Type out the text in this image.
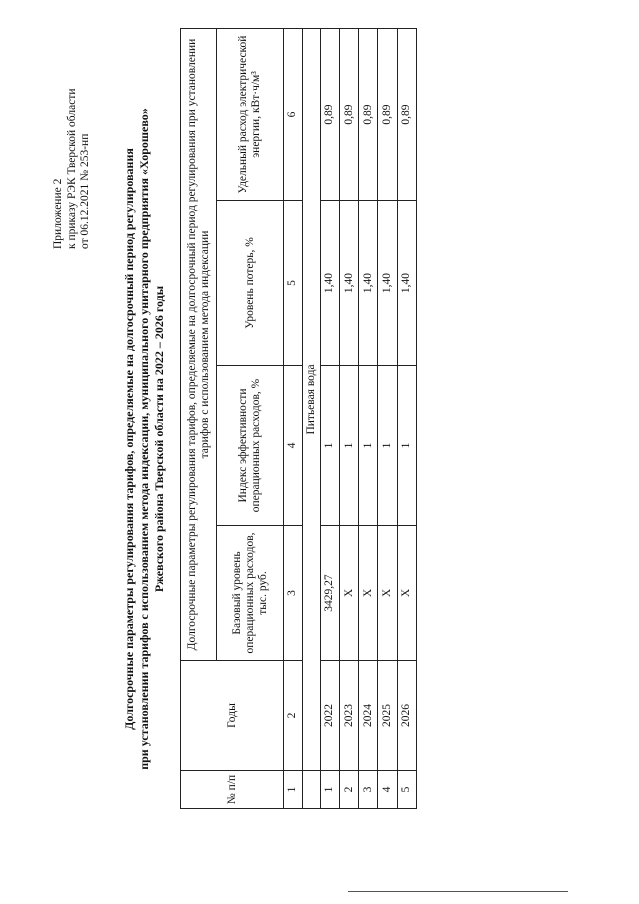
Приложение 2 к приказу РЭК Тверской области от 06.12.2021 № 253-нп	Долгосрочные параметры регулирования тарифов, определяемые на долгосрочный период регулирования при установлении тарифов с использованием метода индексации, муниципального унитарного предприятия «Хорошево» Ржевского района Тверской области на 2022 – 2026 годы
№ п/п	Годы	Долгосрочные параметры регулирования тарифов, определяемые на долгосрочный период регулирования при установлении тарифов с использованием метода индексации			
		Базовый уровень операционных расходов, тыс. руб.	Индекс эффективности операционных расходов, %	Уровень потерь, %	Удельный расход электрической энергии, кВт·ч/м³
1	2	3	4	5	6
	Питьевая вода				
1	2022	3429,27	1	1,40	0,89
2	2023	X	1	1,40	0,89
3	2024	X	1	1,40	0,89
4	2025	X	1	1,40	0,89
5	2026	X	1	1,40	0,89
